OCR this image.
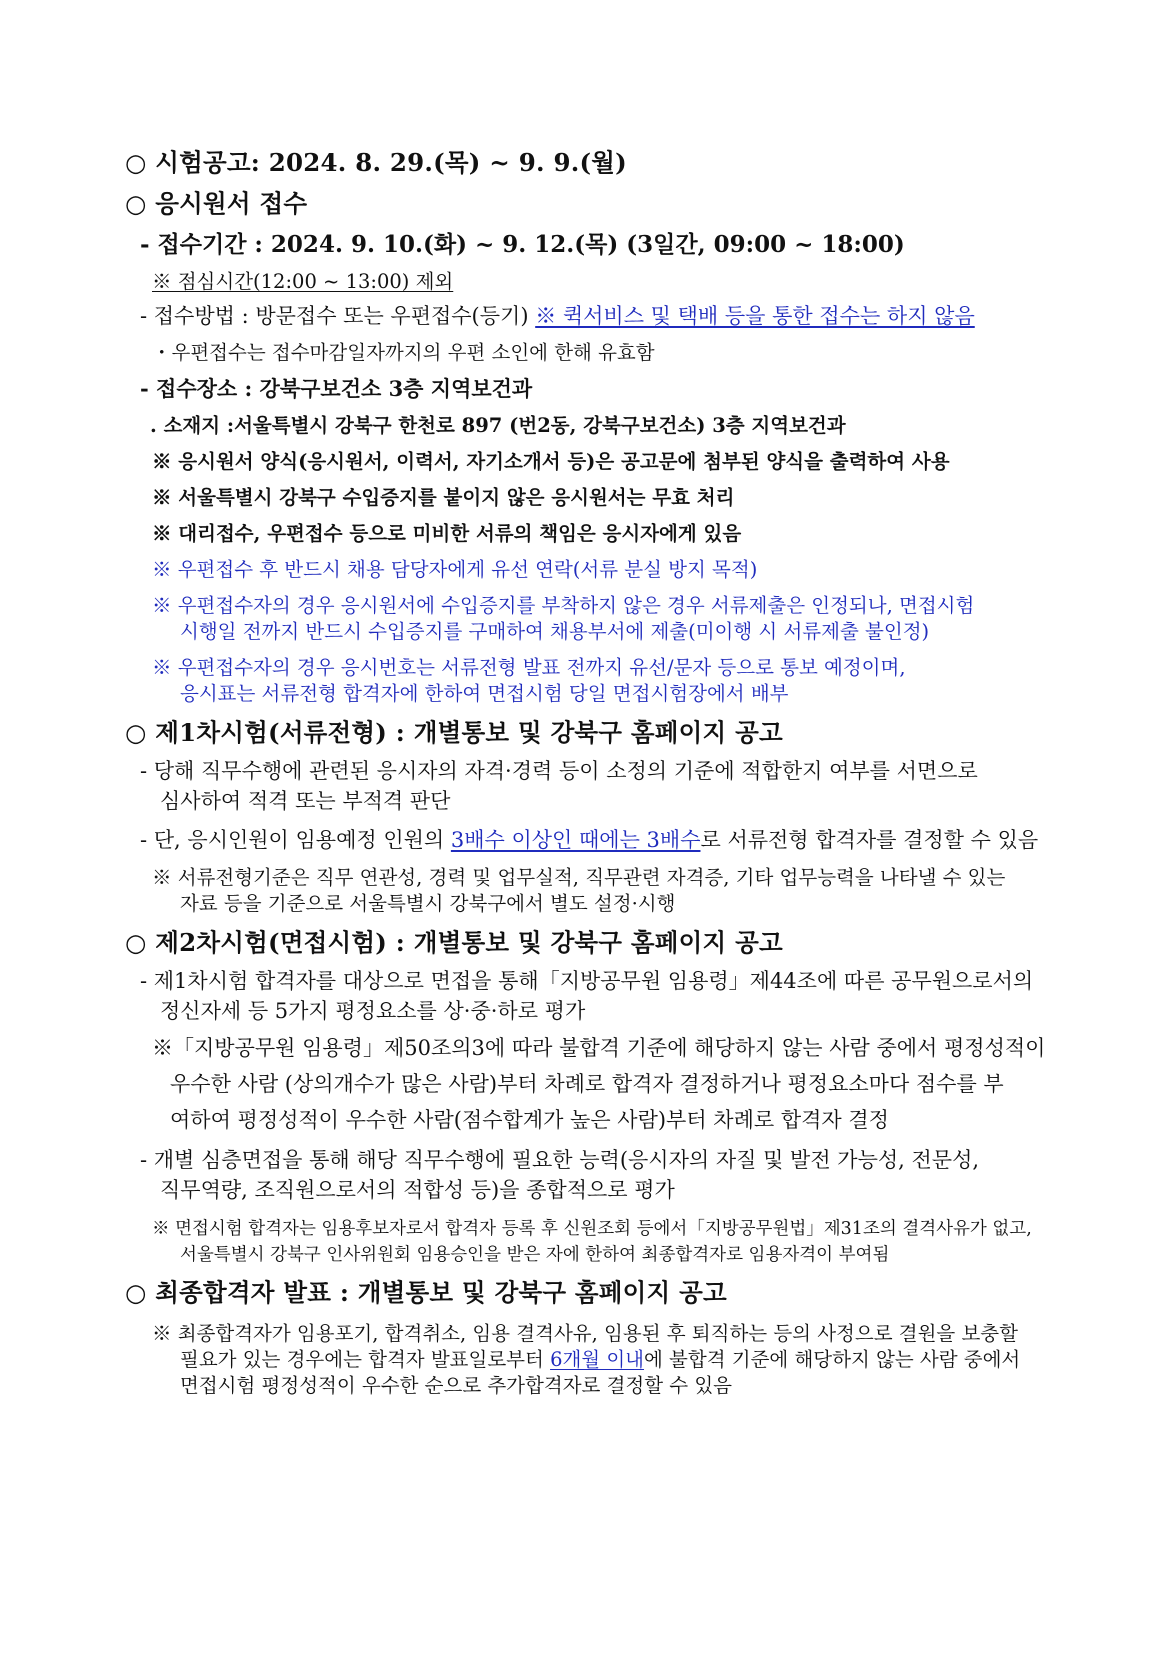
○ 시험공고: 2024. 8. 29.(목) ~ 9. 9.(월)
○ 응시원서 접수
- 접수기간 : 2024. 9. 10.(화) ~ 9. 12.(목) (3일간, 09:00 ~ 18:00)
※ 점심시간(12:00 ~ 13:00) 제외
- 접수방법 : 방문접수 또는 우편접수(등기) ※ 퀵서비스 및 택배 등을 통한 접수는 하지 않음
・우편접수는 접수마감일자까지의 우편 소인에 한해 유효함
- 접수장소 : 강북구보건소 3층 지역보건과
. 소재지 :서울특별시 강북구 한천로 897 (번2동, 강북구보건소) 3층 지역보건과
※ 응시원서 양식(응시원서, 이력서, 자기소개서 등)은 공고문에 첨부된 양식을 출력하여 사용
※ 서울특별시 강북구 수입증지를 붙이지 않은 응시원서는 무효 처리
※ 대리접수, 우편접수 등으로 미비한 서류의 책임은 응시자에게 있음
※ 우편접수 후 반드시 채용 담당자에게 유선 연락(서류 분실 방지 목적)
※ 우편접수자의 경우 응시원서에 수입증지를 부착하지 않은 경우 서류제출은 인정되나, 면접시험
시행일 전까지 반드시 수입증지를 구매하여 채용부서에 제출(미이행 시 서류제출 불인정)
※ 우편접수자의 경우 응시번호는 서류전형 발표 전까지 유선/문자 등으로 통보 예정이며,
응시표는 서류전형 합격자에 한하여 면접시험 당일 면접시험장에서 배부
○ 제1차시험(서류전형) : 개별통보 및 강북구 홈페이지 공고
- 당해 직무수행에 관련된 응시자의 자격·경력 등이 소정의 기준에 적합한지 여부를 서면으로
심사하여 적격 또는 부적격 판단
- 단, 응시인원이 임용예정 인원의 3배수 이상인 때에는 3배수로 서류전형 합격자를 결정할 수 있음
※ 서류전형기준은 직무 연관성, 경력 및 업무실적, 직무관련 자격증, 기타 업무능력을 나타낼 수 있는
자료 등을 기준으로 서울특별시 강북구에서 별도 설정·시행
○ 제2차시험(면접시험) : 개별통보 및 강북구 홈페이지 공고
- 제1차시험 합격자를 대상으로 면접을 통해「지방공무원 임용령」제44조에 따른 공무원으로서의
정신자세 등 5가지 평정요소를 상·중·하로 평가
※「지방공무원 임용령」제50조의3에 따라 불합격 기준에 해당하지 않는 사람 중에서 평정성적이
우수한 사람 (상의개수가 많은 사람)부터 차례로 합격자 결정하거나 평정요소마다 점수를 부
여하여 평정성적이 우수한 사람(점수합계가 높은 사람)부터 차례로 합격자 결정
- 개별 심층면접을 통해 해당 직무수행에 필요한 능력(응시자의 자질 및 발전 가능성, 전문성,
직무역량, 조직원으로서의 적합성 등)을 종합적으로 평가
※ 면접시험 합격자는 임용후보자로서 합격자 등록 후 신원조회 등에서「지방공무원법」제31조의 결격사유가 없고,
서울특별시 강북구 인사위원회 임용승인을 받은 자에 한하여 최종합격자로 임용자격이 부여됨
○ 최종합격자 발표 : 개별통보 및 강북구 홈페이지 공고
※ 최종합격자가 임용포기, 합격취소, 임용 결격사유, 임용된 후 퇴직하는 등의 사정으로 결원을 보충할
필요가 있는 경우에는 합격자 발표일로부터 6개월 이내에 불합격 기준에 해당하지 않는 사람 중에서
면접시험 평정성적이 우수한 순으로 추가합격자로 결정할 수 있음
